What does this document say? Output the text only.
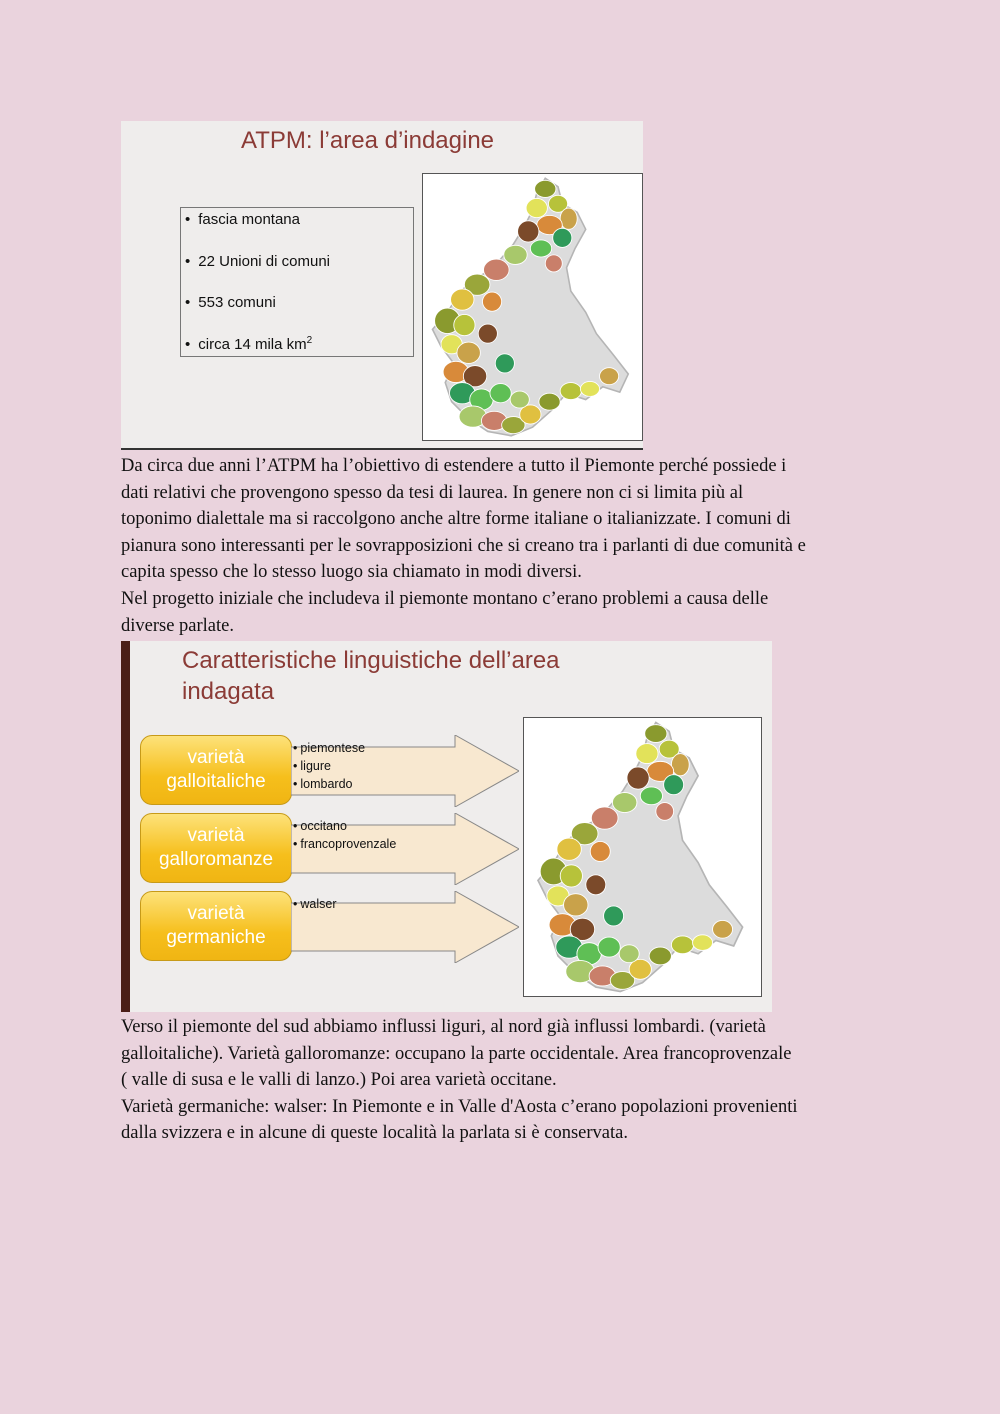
ATPM: l’area d’indagine
• fascia montana
• 22 Unioni di comuni
• 553 comuni
• circa 14 mila $km^2$
Da circa due anni l’ATPM ha l’obiettivo di estendere a tutto il Piemonte perché possiede i
dati relativi che provengono spesso da tesi di laurea. In genere non ci si limita più al
toponimo dialettale ma si raccolgono anche altre forme italiane o italianizzate. I comuni di
pianura sono interessanti per le sovrapposizioni che si creano tra i parlanti di due comunità e
capita spesso che lo stesso luogo sia chiamato in modi diversi.
Nel progetto iniziale che includeva il piemonte montano c’erano problemi a causa delle
diverse parlate.
Caratteristiche linguistiche dell’area
indagata
varietà
galloitaliche
• piemontese
• ligure
• lombardo
varietà
galloromanze
• occitano
• francoprovenzale
varietà
germaniche
• walser
Verso il piemonte del sud abbiamo influssi liguri, al nord già influssi lombardi. (varietà
galloitaliche). Varietà galloromanze: occupano la parte occidentale. Area francoprovenzale
( valle di susa e le valli di lanzo.) Poi area varietà occitane.
Varietà germaniche: walser: In Piemonte e in Valle d'Aosta c’erano popolazioni provenienti
dalla svizzera e in alcune di queste località la parlata si è conservata.
